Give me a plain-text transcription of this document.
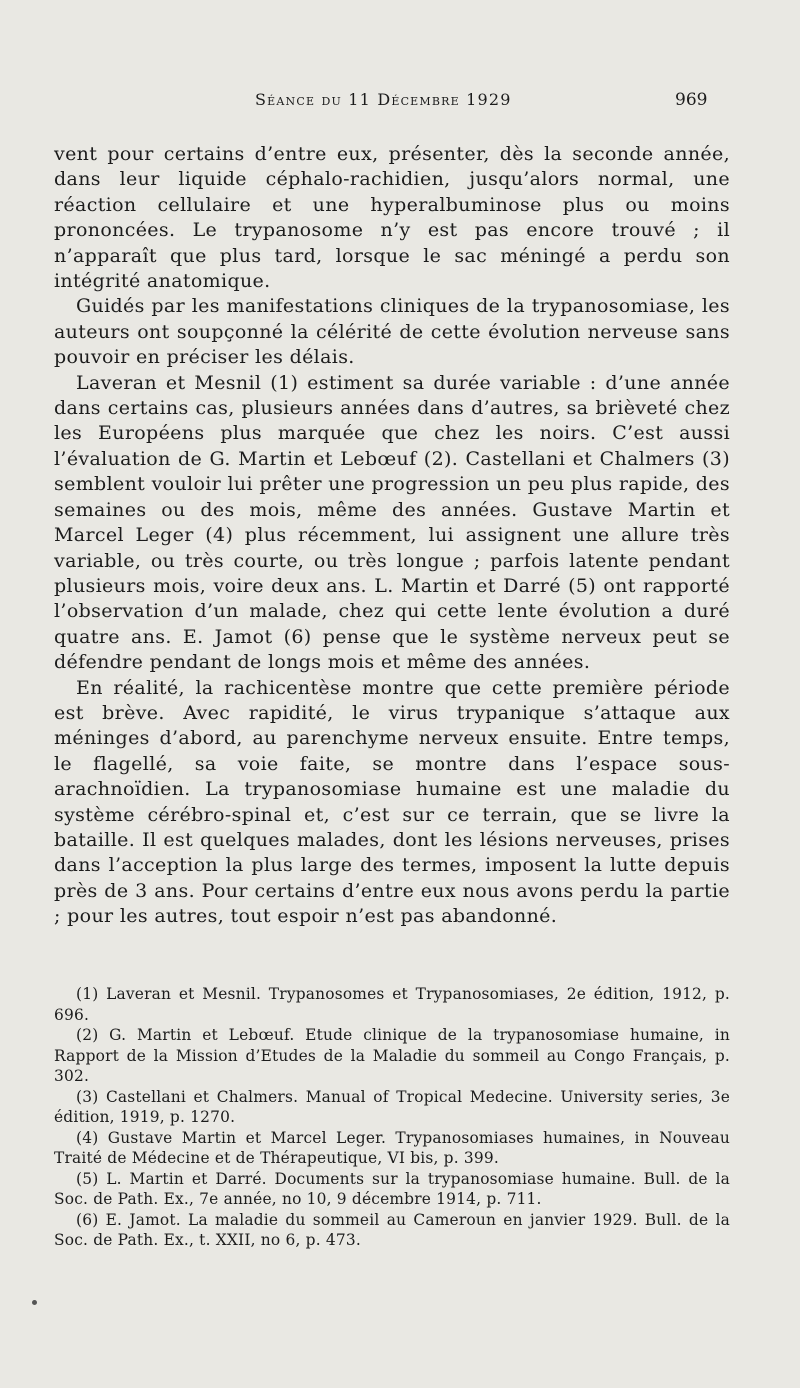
Séance du 11 Décembre 1929	969

vent pour certains d’entre eux, présenter, dès la seconde année, dans leur liquide céphalo-rachidien, jusqu’alors normal, une réaction cellulaire et une hyperalbuminose plus ou moins prononcées. Le trypanosome n’y est pas encore trouvé ; il n’apparaît que plus tard, lorsque le sac méningé a perdu son intégrité anatomique.

Guidés par les manifestations cliniques de la trypanosomiase, les auteurs ont soupçonné la célérité de cette évolution nerveuse sans pouvoir en préciser les délais.

Laveran et Mesnil (1) estiment sa durée variable : d’une année dans certains cas, plusieurs années dans d’autres, sa brièveté chez les Européens plus marquée que chez les noirs. C’est aussi l’évaluation de G. Martin et Lebœuf (2). Castellani et Chalmers (3) semblent vouloir lui prêter une progression un peu plus rapide, des semaines ou des mois, même des années. Gustave Martin et Marcel Leger (4) plus récemment, lui assignent une allure très variable, ou très courte, ou très longue ; parfois latente pendant plusieurs mois, voire deux ans. L. Martin et Darré (5) ont rapporté l’observation d’un malade, chez qui cette lente évolution a duré quatre ans. E. Jamot (6) pense que le système nerveux peut se défendre pendant de longs mois et même des années.

En réalité, la rachicentèse montre que cette première période est brève. Avec rapidité, le virus trypanique s’attaque aux méninges d’abord, au parenchyme nerveux ensuite. Entre temps, le flagellé, sa voie faite, se montre dans l’espace sous-arachnoïdien. La trypanosomiase humaine est une maladie du système cérébro-spinal et, c’est sur ce terrain, que se livre la bataille. Il est quelques malades, dont les lésions nerveuses, prises dans l’acception la plus large des termes, imposent la lutte depuis près de 3 ans. Pour certains d’entre eux nous avons perdu la partie ; pour les autres, tout espoir n’est pas abandonné.

(1) Laveran et Mesnil. Trypanosomes et Trypanosomiases, 2e édition, 1912, p. 696.

(2) G. Martin et Lebœuf. Etude clinique de la trypanosomiase humaine, in Rapport de la Mission d’Etudes de la Maladie du sommeil au Congo Français, p. 302.

(3) Castellani et Chalmers. Manual of Tropical Medecine. University series, 3e édition, 1919, p. 1270.

(4) Gustave Martin et Marcel Leger. Trypanosomiases humaines, in Nouveau Traité de Médecine et de Thérapeutique, VI bis, p. 399.

(5) L. Martin et Darré. Documents sur la trypanosomiase humaine. Bull. de la Soc. de Path. Ex., 7e année, no 10, 9 décembre 1914, p. 711.

(6) E. Jamot. La maladie du sommeil au Cameroun en janvier 1929. Bull. de la Soc. de Path. Ex., t. XXII, no 6, p. 473.
